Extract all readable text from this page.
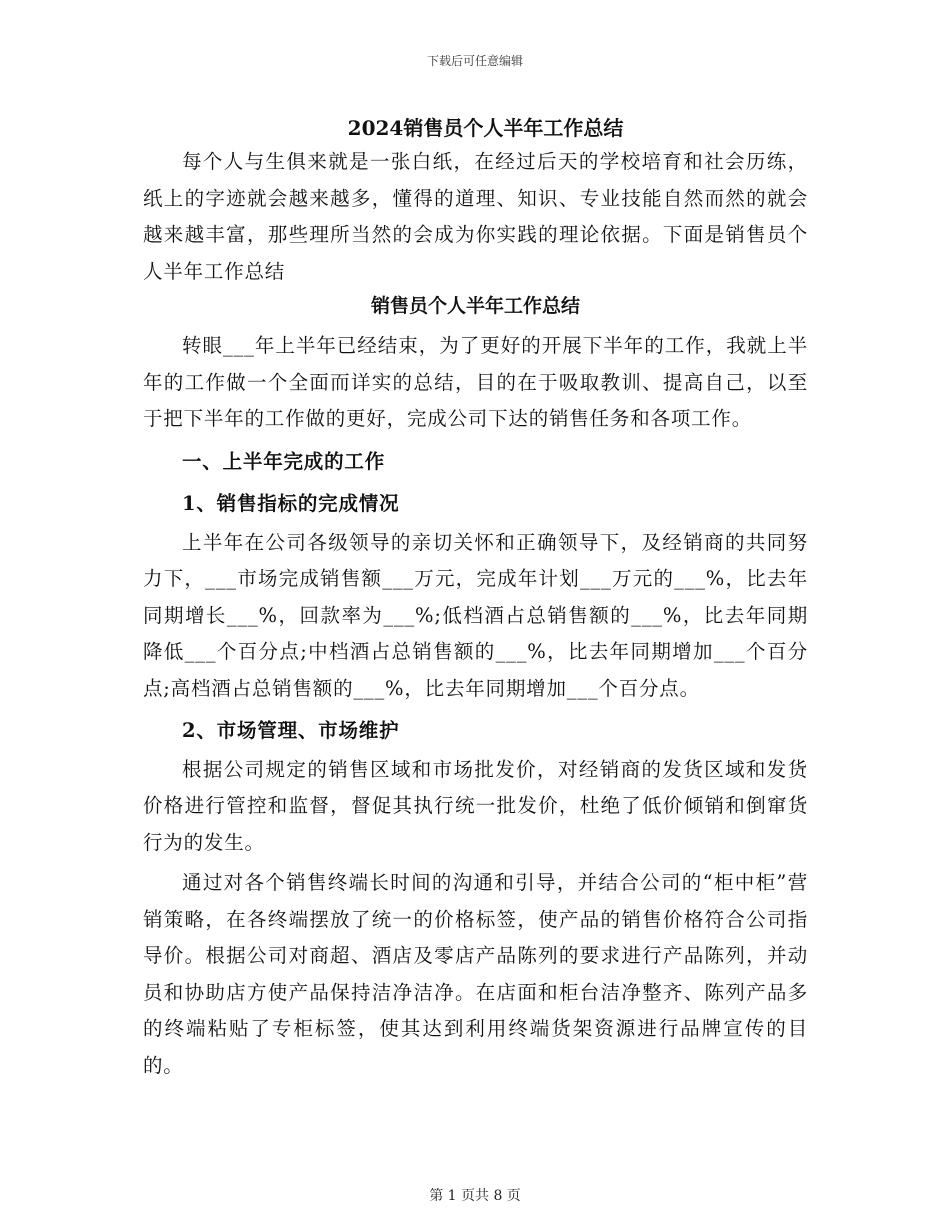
下载后可任意编辑
2024销售员个人半年工作总结

每个人与生俱来就是一张白纸，在经过后天的学校培育和社会历练，纸上的字迹就会越来越多，懂得的道理、知识、专业技能自然而然的就会越来越丰富，那些理所当然的会成为你实践的理论依据。下面是销售员个人半年工作总结

销售员个人半年工作总结

转眼___年上半年已经结束，为了更好的开展下半年的工作，我就上半年的工作做一个全面而详实的总结，目的在于吸取教训、提高自己，以至于把下半年的工作做的更好，完成公司下达的销售任务和各项工作。

一、上半年完成的工作
1、销售指标的完成情况

上半年在公司各级领导的亲切关怀和正确领导下，及经销商的共同努力下，___市场完成销售额___万元，完成年计划___万元的___%，比去年同期增长___%，回款率为___%;低档酒占总销售额的___%，比去年同期降低___个百分点;中档酒占总销售额的___%，比去年同期增加___个百分点;高档酒占总销售额的___%，比去年同期增加___个百分点。

2、市场管理、市场维护

根据公司规定的销售区域和市场批发价，对经销商的发货区域和发货价格进行管控和监督，督促其执行统一批发价，杜绝了低价倾销和倒窜货行为的发生。

通过对各个销售终端长时间的沟通和引导，并结合公司的“柜中柜”营销策略，在各终端摆放了统一的价格标签，使产品的销售价格符合公司指导价。根据公司对商超、酒店及零店产品陈列的要求进行产品陈列，并动员和协助店方使产品保持洁净洁净。在店面和柜台洁净整齐、陈列产品多的终端粘贴了专柜标签，使其达到利用终端货架资源进行品牌宣传的目的。

第 1 页共 8 页
